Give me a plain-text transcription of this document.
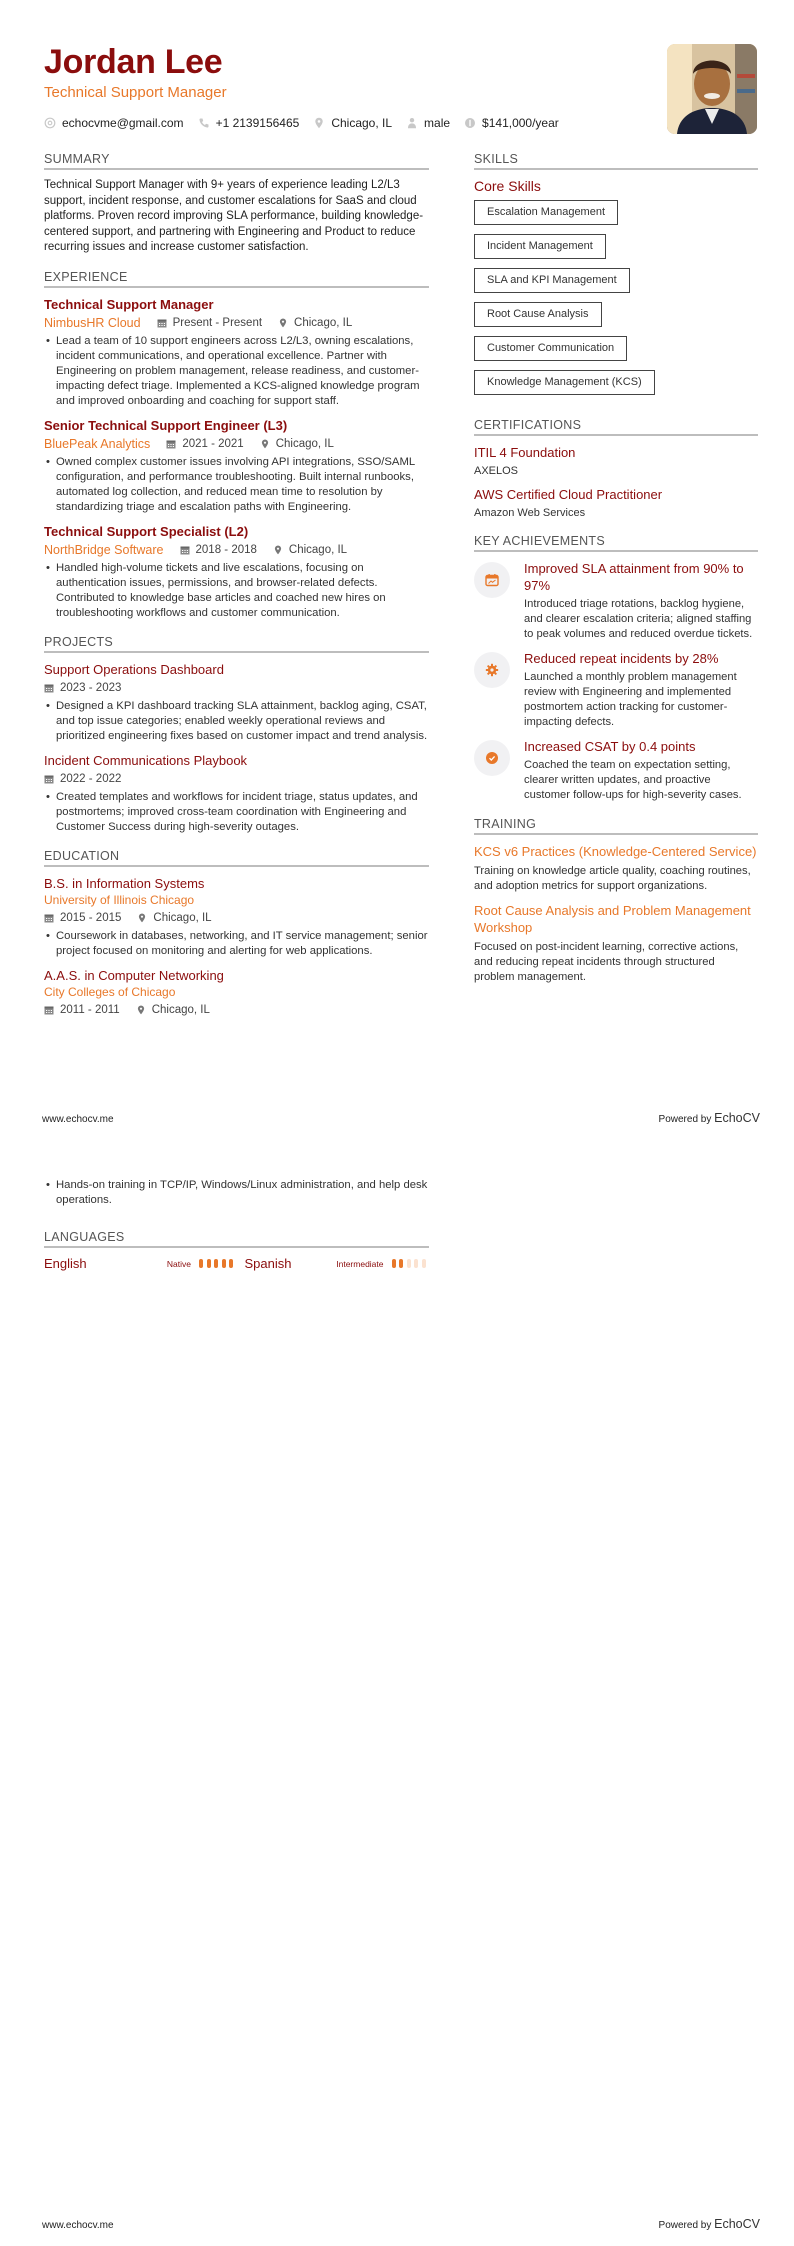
Jordan Lee
Technical Support Manager
echocvme@gmail.com	+1 2139156465	Chicago, IL	male	$141,000/year
SUMMARY

Technical Support Manager with 9+ years of experience leading L2/L3 support, incident response, and customer escalations for SaaS and cloud platforms. Proven record improving SLA performance, building knowledge-centered support, and partnering with Engineering and Product to reduce recurring issues and increase customer satisfaction.

EXPERIENCE
Technical Support Manager
NimbusHR Cloud	Present - Present	Chicago, IL
• Lead a team of 10 support engineers across L2/L3, owning escalations, incident communications, and operational excellence. Partner with Engineering on problem management, release readiness, and customer-impacting defect triage. Implemented a KCS-aligned knowledge program and improved onboarding and coaching for support staff.
Senior Technical Support Engineer (L3)
BluePeak Analytics	2021 - 2021	Chicago, IL
• Owned complex customer issues involving API integrations, SSO/SAML configuration, and performance troubleshooting. Built internal runbooks, automated log collection, and reduced mean time to resolution by standardizing triage and escalation paths with Engineering.
Technical Support Specialist (L2)
NorthBridge Software	2018 - 2018	Chicago, IL
• Handled high-volume tickets and live escalations, focusing on authentication issues, permissions, and browser-related defects. Contributed to knowledge base articles and coached new hires on troubleshooting workflows and customer communication.
PROJECTS
Support Operations Dashboard
2023 - 2023
• Designed a KPI dashboard tracking SLA attainment, backlog aging, CSAT, and top issue categories; enabled weekly operational reviews and prioritized engineering fixes based on customer impact and trend analysis.
Incident Communications Playbook
2022 - 2022
• Created templates and workflows for incident triage, status updates, and postmortems; improved cross-team coordination with Engineering and Customer Success during high-severity outages.
EDUCATION
B.S. in Information Systems
University of Illinois Chicago
2015 - 2015	Chicago, IL
• Coursework in databases, networking, and IT service management; senior project focused on monitoring and alerting for web applications.
A.A.S. in Computer Networking
City Colleges of Chicago
2011 - 2011	Chicago, IL
SKILLS
Core Skills
Escalation Management
Incident Management
SLA and KPI Management
Root Cause Analysis
Customer Communication
Knowledge Management (KCS)
CERTIFICATIONS
ITIL 4 Foundation
AXELOS
AWS Certified Cloud Practitioner
Amazon Web Services
KEY ACHIEVEMENTS
Improved SLA attainment from 90% to 97%
Introduced triage rotations, backlog hygiene, and clearer escalation criteria; aligned staffing to peak volumes and reduced overdue tickets.
Reduced repeat incidents by 28%
Launched a monthly problem management review with Engineering and implemented postmortem action tracking for customer-impacting defects.
Increased CSAT by 0.4 points
Coached the team on expectation setting, clearer written updates, and proactive customer follow-ups for high-severity cases.
TRAINING
KCS v6 Practices (Knowledge-Centered Service)
Training on knowledge article quality, coaching routines, and adoption metrics for support organizations.
Root Cause Analysis and Problem Management Workshop
Focused on post-incident learning, corrective actions, and reducing repeat incidents through structured problem management.
www.echocv.me	Powered by EchoCV
• Hands-on training in TCP/IP, Windows/Linux administration, and help desk operations.
LANGUAGES
English	Native	Spanish	Intermediate
www.echocv.me	Powered by EchoCV
